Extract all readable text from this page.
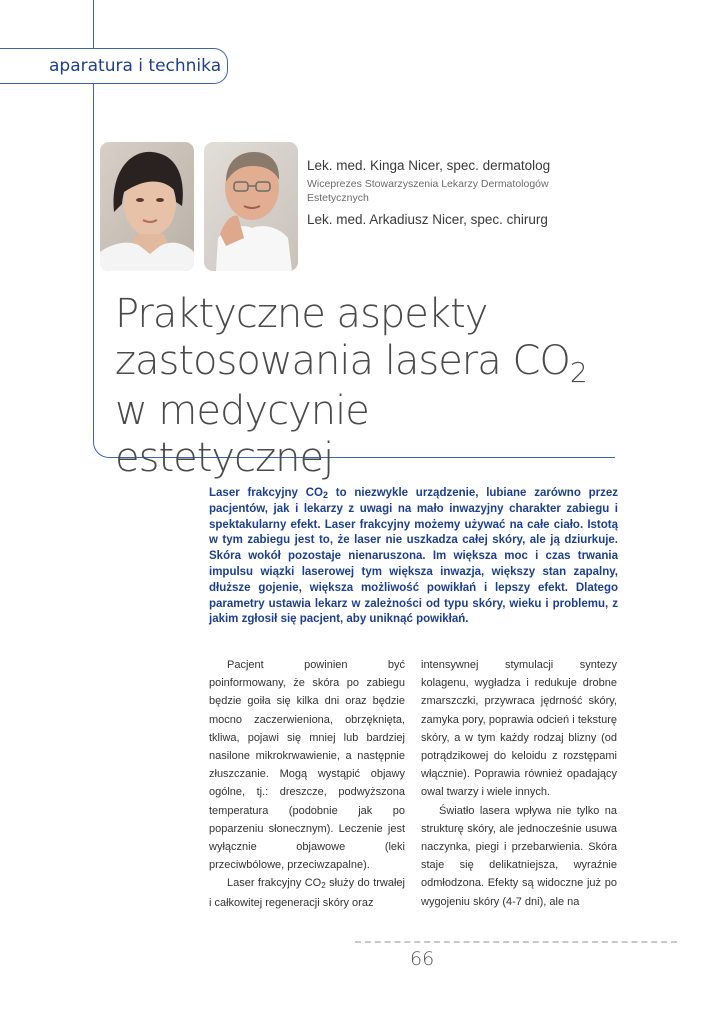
aparatura i technika
Lek. med. Kinga Nicer, spec. dermatolog
Wiceprezes Stowarzyszenia Lekarzy Dermatologów Estetycznych
Lek. med. Arkadiusz Nicer, spec. chirurg
Praktyczne aspekty
zastosowania lasera $CO_2$
w medycynie estetycznej
Laser frakcyjny CO2 to niezwykle urządzenie, lubiane zarówno przez pacjentów, jak i lekarzy z uwagi na mało inwazyjny charakter zabiegu i spektakularny efekt. Laser frakcyjny możemy używać na całe ciało. Istotą w tym zabiegu jest to, że laser nie uszkadza całej skóry, ale ją dziurkuje. Skóra wokół pozostaje nienaruszona. Im większa moc i czas trwania impulsu wiązki laserowej tym większa inwazja, większy stan zapalny, dłuższe gojenie, większa możliwość powikłań i lepszy efekt. Dlatego parametry ustawia lekarz w zależności od typu skóry, wieku i problemu, z jakim zgłosił się pacjent, aby uniknąć powikłań.

Pacjent powinien być poinformowany, że skóra po zabiegu będzie goiła się kilka dni oraz będzie mocno zaczerwieniona, obrzęknięta, tkliwa, pojawi się mniej lub bardziej nasilone mikrokrwawienie, a następnie złuszczanie. Mogą wystąpić objawy ogólne, tj.: dreszcze, podwyższona temperatura (podobnie jak po poparzeniu słonecznym). Leczenie jest wyłącznie objawowe (leki przeciwbólowe, przeciwzapalne).

Laser frakcyjny CO2 służy do trwałej i całkowitej regeneracji skóry oraz

intensywnej stymulacji syntezy kolagenu, wygładza i redukuje drobne zmarszczki, przywraca jędrność skóry, zamyka pory, poprawia odcień i teksturę skóry, a w tym każdy rodzaj blizny (od potrądzikowej do keloidu z rozstępami włącznie). Poprawia również opadający owal twarzy i wiele innych.

Światło lasera wpływa nie tylko na strukturę skóry, ale jednocześnie usuwa naczynka, piegi i przebarwienia. Skóra staje się delikatniejsza, wyraźnie odmłodzona. Efekty są widoczne już po wygojeniu skóry (4-7 dni), ale na

66
